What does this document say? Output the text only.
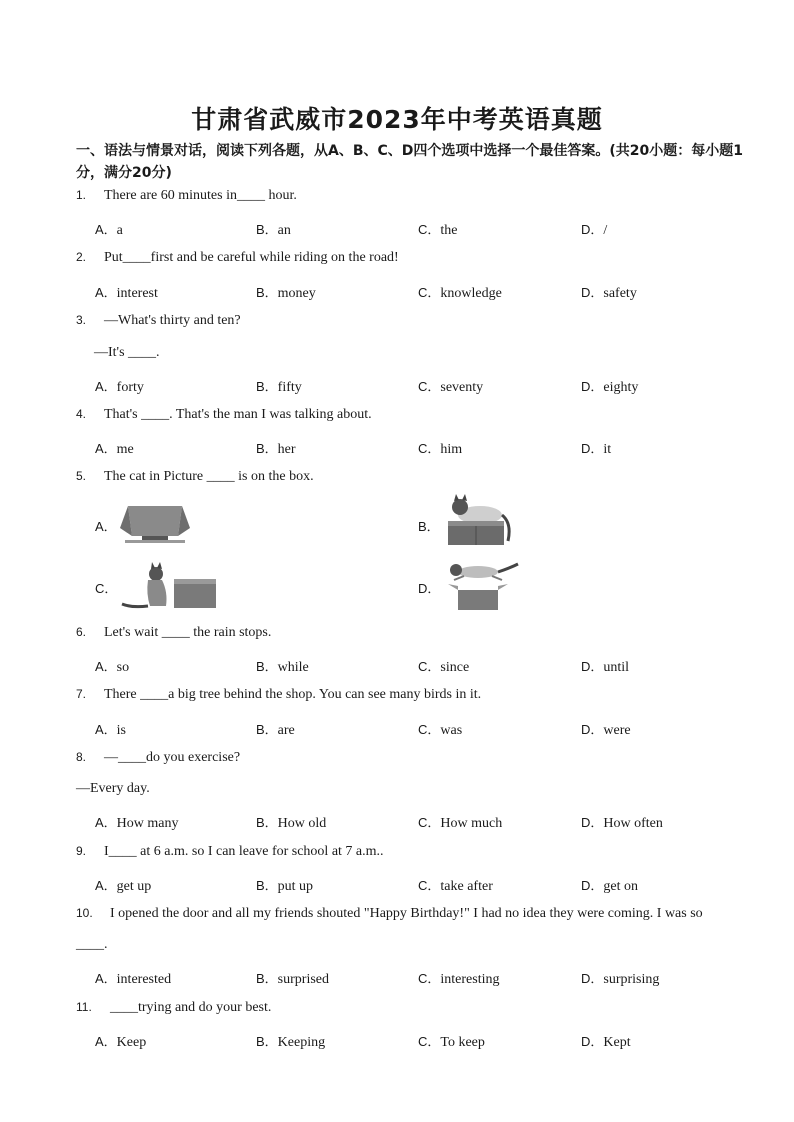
甘肃省武威市2023年中考英语真题
一、语法与情景对话，阅读下列各题，从A、B、C、D四个选项中选择一个最佳答案。(共20小题：每小题1分，满分20分)
1. There are 60 minutes in____ hour.
A．a	B．an	C．the	D．/
2. Put____first and be careful while riding on the road!
A．interest	B．money	C．knowledge	D．safety
3. —What's thirty and ten?
—It's ____.
A．forty	B．fifty	C．seventy	D．eighty
4. That's ____. That's the man I was talking about.
A．me	B．her	C．him	D．it
5. The cat in Picture ____ is on the box.
A．	B．
C．	D．
6. Let's wait ____ the rain stops.
A．so	B．while	C．since	D．until
7. There ____a big tree behind the shop. You can see many birds in it.
A．is	B．are	C．was	D．were
8. —____do you exercise?
—Every day.
A．How many	B．How old	C．How much	D．How often
9. I____ at 6 a.m. so I can leave for school at 7 a.m..
A．get up	B．put up	C．take after	D．get on
10. I opened the door and all my friends shouted "Happy Birthday!" I had no idea they were coming. I was so
____.
A．interested	B．surprised	C．interesting	D．surprising
11. ____trying and do your best.
A．Keep	B．Keeping	C．To keep	D．Kept
